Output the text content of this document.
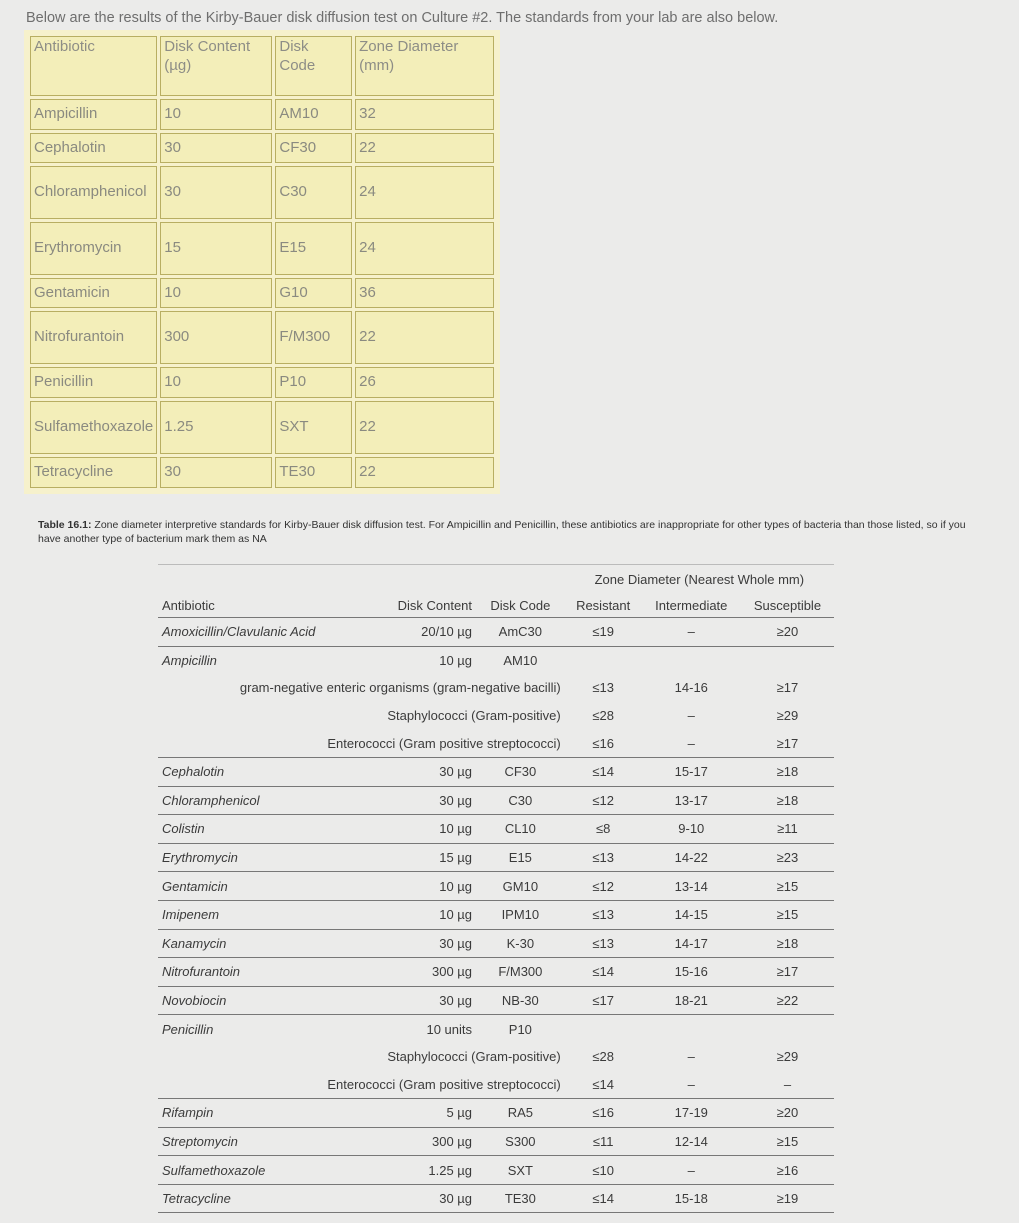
Below are the results of the Kirby-Bauer disk diffusion test on Culture #2. The standards from your lab are also below.
Antibiotic	Disk Content (µg)	Disk Code	Zone Diameter (mm)
Ampicillin	10	AM10	32
Cephalotin	30	CF30	22
Chloramphenicol	30	C30	24
Erythromycin	15	E15	24
Gentamicin	10	G10	36
Nitrofurantoin	300	F/M300	22
Penicillin	10	P10	26
Sulfamethoxazole	1.25	SXT	22
Tetracycline	30	TE30	22
Table 16.1: Zone diameter interpretive standards for Kirby-Bauer disk diffusion test. For Ampicillin and Penicillin, these antibiotics are inappropriate for other types of bacteria than those listed, so if you have another type of bacterium mark them as NA
			Zone Diameter (Nearest Whole mm)		
Antibiotic	Disk Content	Disk Code	Resistant	Intermediate	Susceptible
Amoxicillin/Clavulanic Acid	20/10 µg	AmC30	≤19	–	≥20
Ampicillin	10 µg	AM10			
gram-negative enteric organisms (gram-negative bacilli)			≤13	14-16	≥17
Staphylococci (Gram-positive)			≤28	–	≥29
Enterococci (Gram positive streptococci)			≤16	–	≥17
Cephalotin	30 µg	CF30	≤14	15-17	≥18
Chloramphenicol	30 µg	C30	≤12	13-17	≥18
Colistin	10 µg	CL10	≤8	9-10	≥11
Erythromycin	15 µg	E15	≤13	14-22	≥23
Gentamicin	10 µg	GM10	≤12	13-14	≥15
Imipenem	10 µg	IPM10	≤13	14-15	≥15
Kanamycin	30 µg	K-30	≤13	14-17	≥18
Nitrofurantoin	300 µg	F/M300	≤14	15-16	≥17
Novobiocin	30 µg	NB-30	≤17	18-21	≥22
Penicillin	10 units	P10			
Staphylococci (Gram-positive)			≤28	–	≥29
Enterococci (Gram positive streptococci)			≤14	–	–
Rifampin	5 µg	RA5	≤16	17-19	≥20
Streptomycin	300 µg	S300	≤11	12-14	≥15
Sulfamethoxazole	1.25 µg	SXT	≤10	–	≥16
Tetracycline	30 µg	TE30	≤14	15-18	≥19
